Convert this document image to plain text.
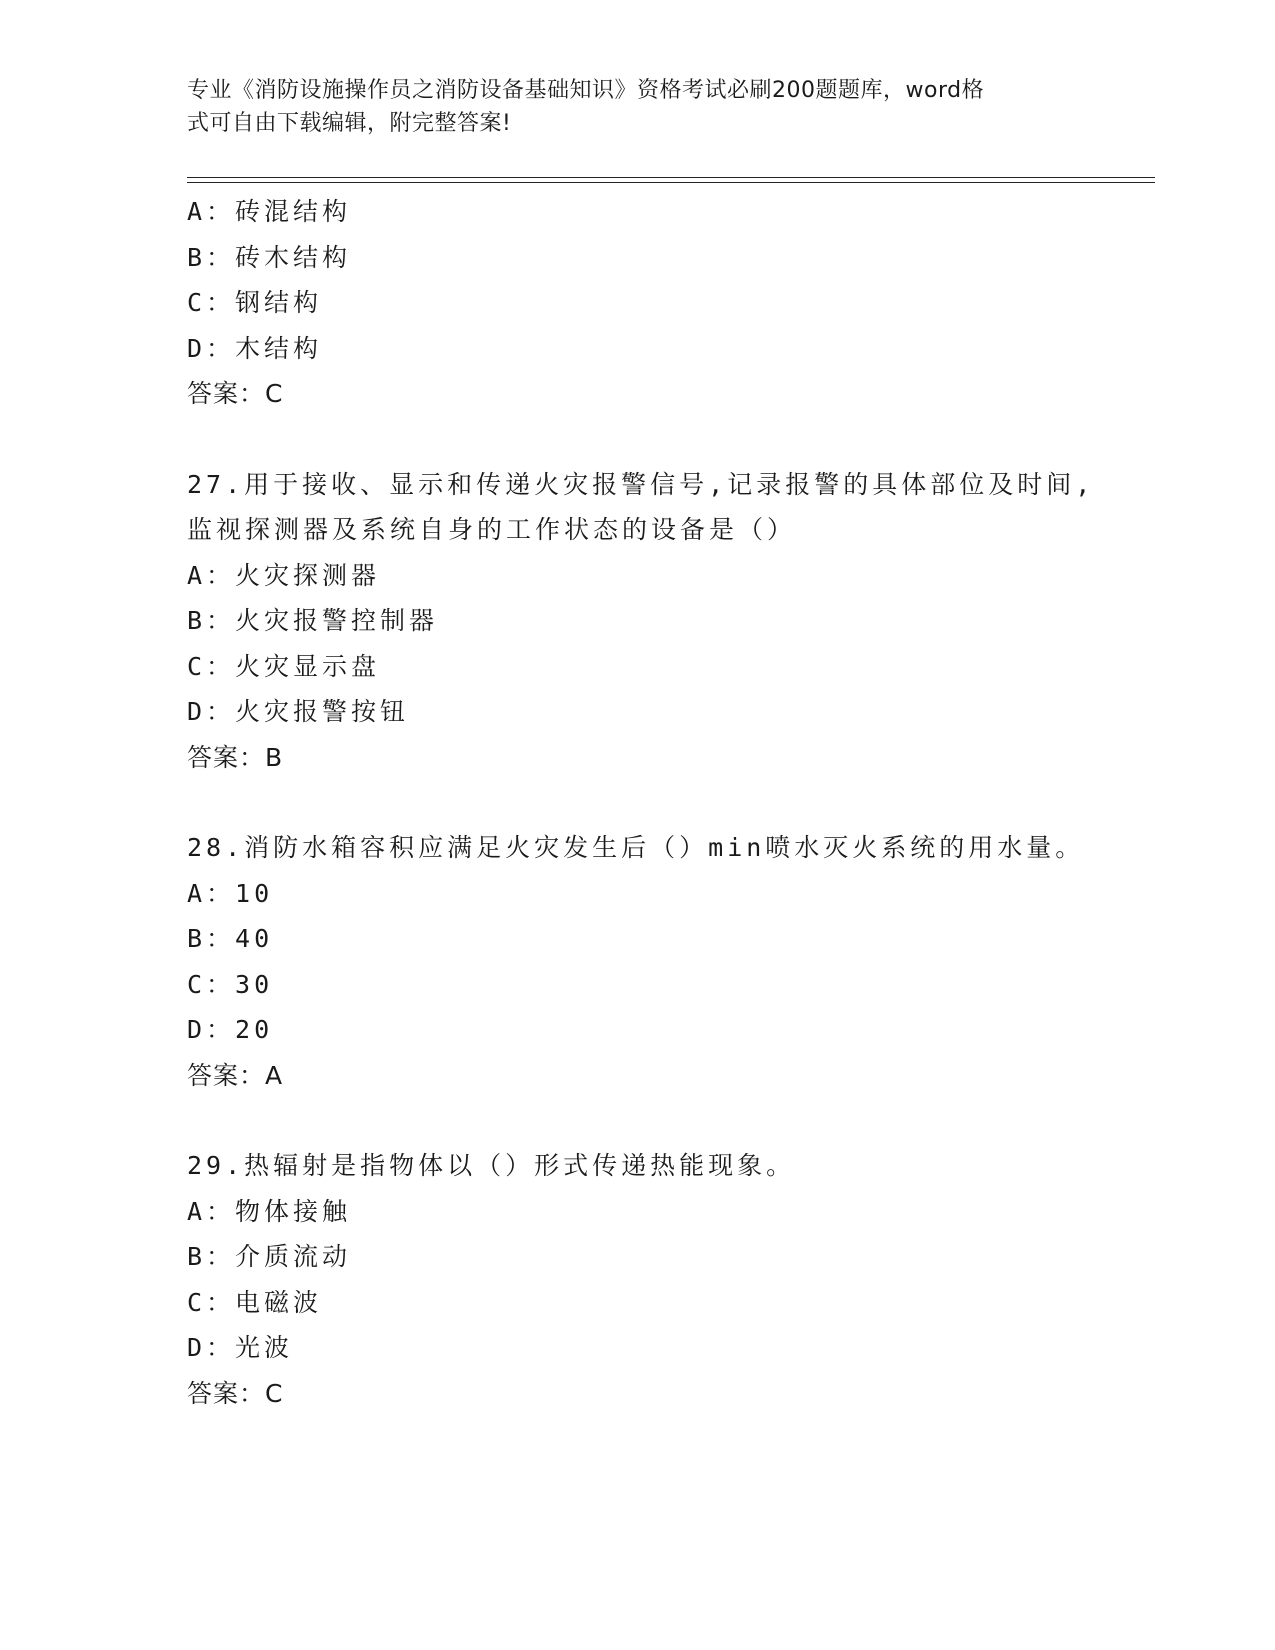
专业《消防设施操作员之消防设备基础知识》资格考试必刷200题题库，word格
式可自由下载编辑，附完整答案!
A：砖混结构
B：砖木结构
C：钢结构
D：木结构
答案：C
27.用于接收、显示和传递火灾报警信号,记录报警的具体部位及时间,
监视探测器及系统自身的工作状态的设备是（）
A：火灾探测器
B：火灾报警控制器
C：火灾显示盘
D：火灾报警按钮
答案：B
28.消防水箱容积应满足火灾发生后（）min喷水灭火系统的用水量。
A：10
B：40
C：30
D：20
答案：A
29.热辐射是指物体以（）形式传递热能现象。
A：物体接触
B：介质流动
C：电磁波
D：光波
答案：C
